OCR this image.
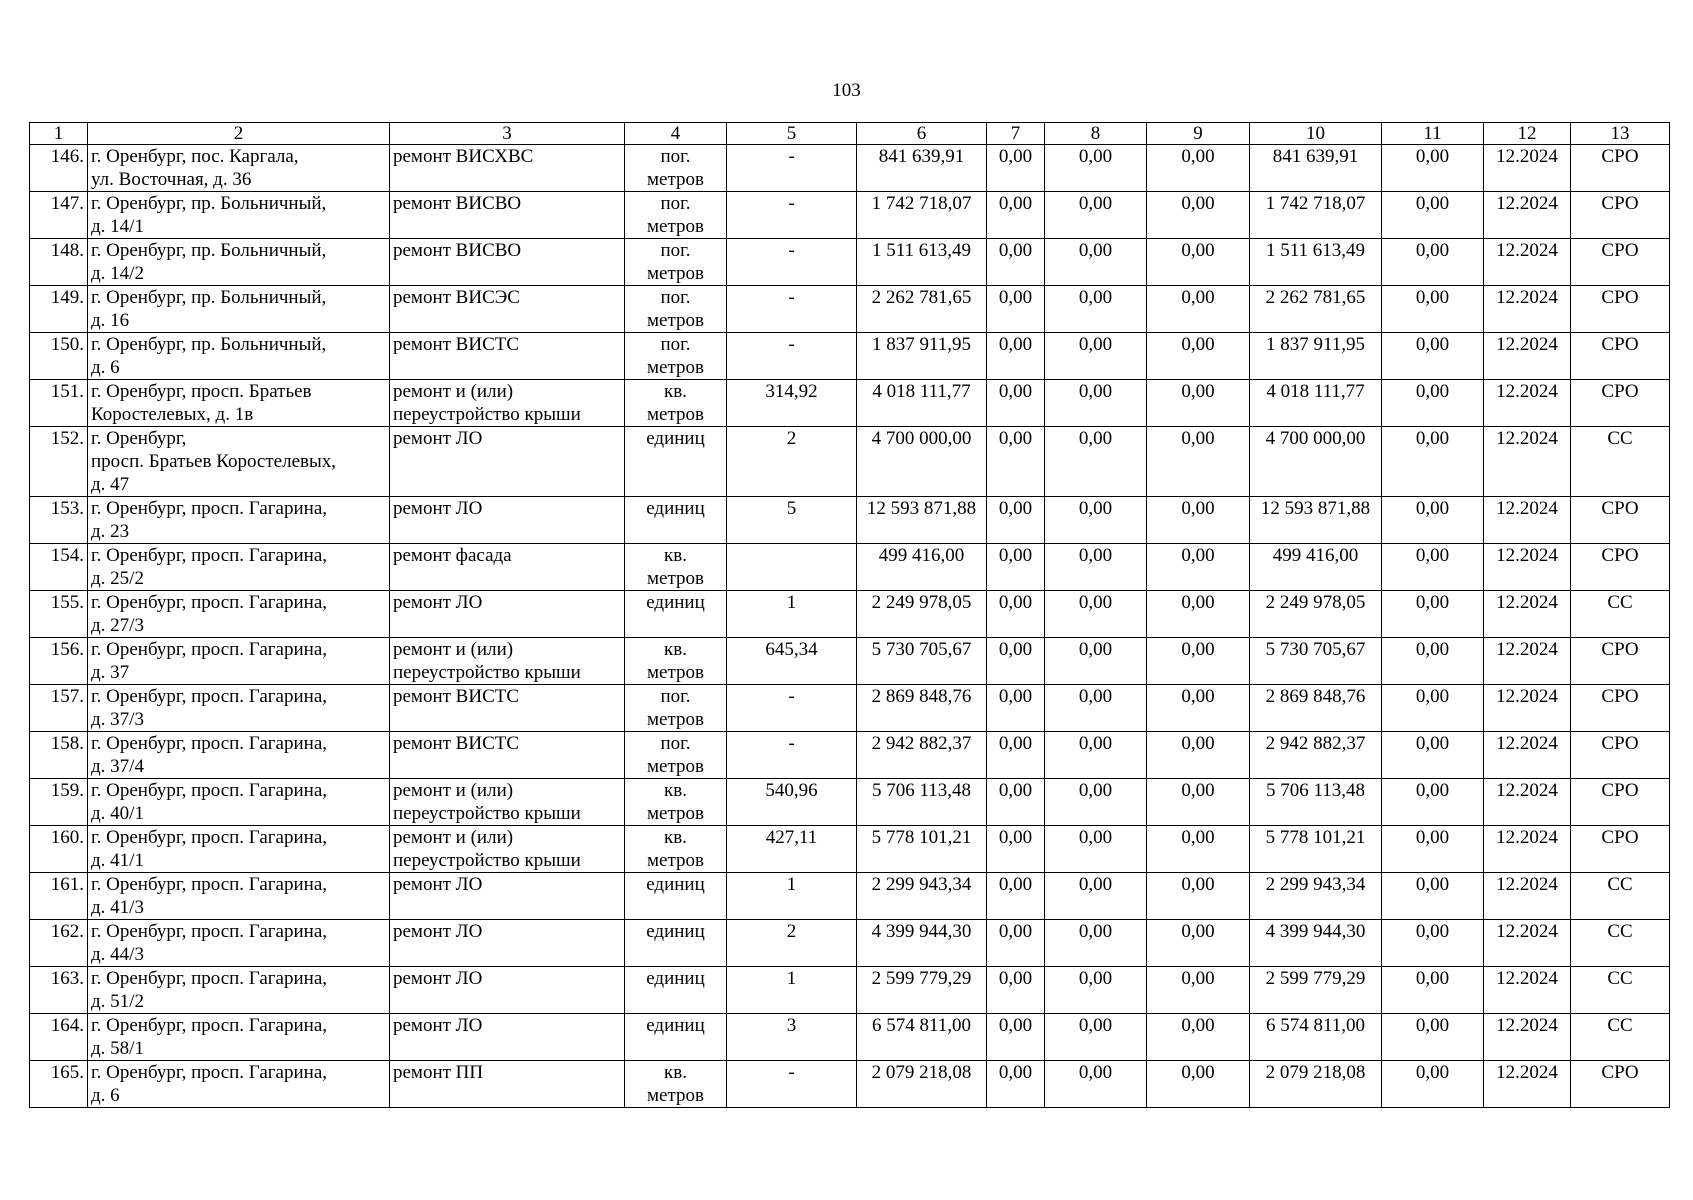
103
1	2	3	4	5	6	7	8	9	10	11	12	13
146.	г. Оренбург, пос. Каргала,
ул. Восточная, д. 36	ремонт ВИСХВС	пог.
метров	-	841 639,91	0,00	0,00	0,00	841 639,91	0,00	12.2024	СРО
147.	г. Оренбург, пр. Больничный,
д. 14/1	ремонт ВИСВО	пог.
метров	-	1 742 718,07	0,00	0,00	0,00	1 742 718,07	0,00	12.2024	СРО
148.	г. Оренбург, пр. Больничный,
д. 14/2	ремонт ВИСВО	пог.
метров	-	1 511 613,49	0,00	0,00	0,00	1 511 613,49	0,00	12.2024	СРО
149.	г. Оренбург, пр. Больничный,
д. 16	ремонт ВИСЭС	пог.
метров	-	2 262 781,65	0,00	0,00	0,00	2 262 781,65	0,00	12.2024	СРО
150.	г. Оренбург, пр. Больничный,
д. 6	ремонт ВИСТС	пог.
метров	-	1 837 911,95	0,00	0,00	0,00	1 837 911,95	0,00	12.2024	СРО
151.	г. Оренбург, просп. Братьев
Коростелевых, д. 1в	ремонт и (или)
переустройство крыши	кв.
метров	314,92	4 018 111,77	0,00	0,00	0,00	4 018 111,77	0,00	12.2024	СРО
152.	г. Оренбург,
просп. Братьев Коростелевых,
д. 47	ремонт ЛО	единиц	2	4 700 000,00	0,00	0,00	0,00	4 700 000,00	0,00	12.2024	СС
153.	г. Оренбург, просп. Гагарина,
д. 23	ремонт ЛО	единиц	5	12 593 871,88	0,00	0,00	0,00	12 593 871,88	0,00	12.2024	СРО
154.	г. Оренбург, просп. Гагарина,
д. 25/2	ремонт фасада	кв.
метров		499 416,00	0,00	0,00	0,00	499 416,00	0,00	12.2024	СРО
155.	г. Оренбург, просп. Гагарина,
д. 27/3	ремонт ЛО	единиц	1	2 249 978,05	0,00	0,00	0,00	2 249 978,05	0,00	12.2024	СС
156.	г. Оренбург, просп. Гагарина,
д. 37	ремонт и (или)
переустройство крыши	кв.
метров	645,34	5 730 705,67	0,00	0,00	0,00	5 730 705,67	0,00	12.2024	СРО
157.	г. Оренбург, просп. Гагарина,
д. 37/3	ремонт ВИСТС	пог.
метров	-	2 869 848,76	0,00	0,00	0,00	2 869 848,76	0,00	12.2024	СРО
158.	г. Оренбург, просп. Гагарина,
д. 37/4	ремонт ВИСТС	пог.
метров	-	2 942 882,37	0,00	0,00	0,00	2 942 882,37	0,00	12.2024	СРО
159.	г. Оренбург, просп. Гагарина,
д. 40/1	ремонт и (или)
переустройство крыши	кв.
метров	540,96	5 706 113,48	0,00	0,00	0,00	5 706 113,48	0,00	12.2024	СРО
160.	г. Оренбург, просп. Гагарина,
д. 41/1	ремонт и (или)
переустройство крыши	кв.
метров	427,11	5 778 101,21	0,00	0,00	0,00	5 778 101,21	0,00	12.2024	СРО
161.	г. Оренбург, просп. Гагарина,
д. 41/3	ремонт ЛО	единиц	1	2 299 943,34	0,00	0,00	0,00	2 299 943,34	0,00	12.2024	СС
162.	г. Оренбург, просп. Гагарина,
д. 44/3	ремонт ЛО	единиц	2	4 399 944,30	0,00	0,00	0,00	4 399 944,30	0,00	12.2024	СС
163.	г. Оренбург, просп. Гагарина,
д. 51/2	ремонт ЛО	единиц	1	2 599 779,29	0,00	0,00	0,00	2 599 779,29	0,00	12.2024	СС
164.	г. Оренбург, просп. Гагарина,
д. 58/1	ремонт ЛО	единиц	3	6 574 811,00	0,00	0,00	0,00	6 574 811,00	0,00	12.2024	СС
165.	г. Оренбург, просп. Гагарина,
д. 6	ремонт ПП	кв.
метров	-	2 079 218,08	0,00	0,00	0,00	2 079 218,08	0,00	12.2024	СРО
